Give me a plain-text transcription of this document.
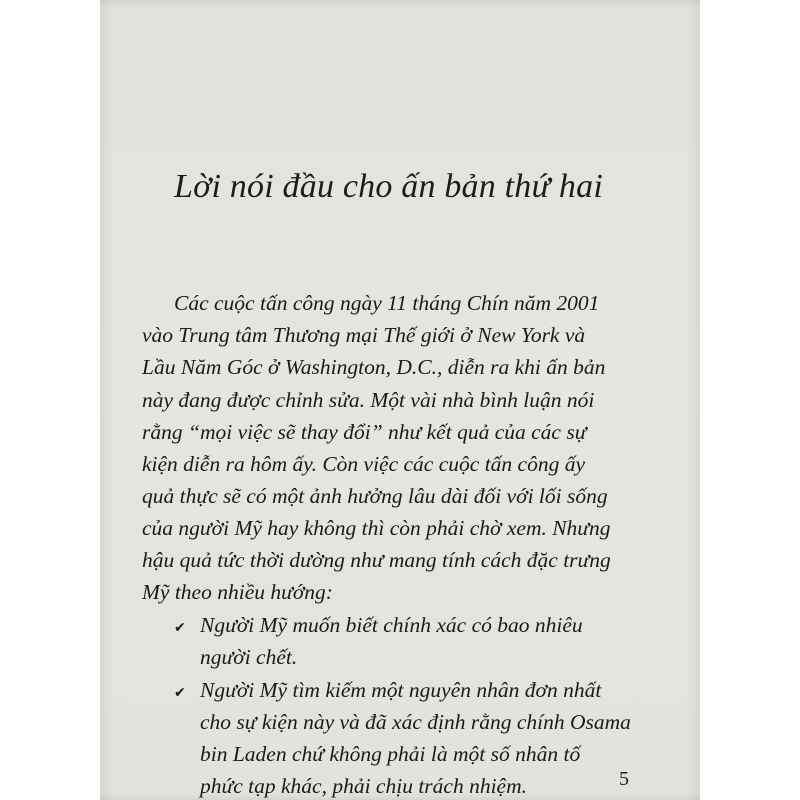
Lời nói đầu cho ấn bản thứ hai

Các cuộc tấn công ngày 11 tháng Chín năm 2001

vào Trung tâm Thương mại Thế giới ở New York và

Lầu Năm Góc ở Washington, D.C., diễn ra khi ấn bản

này đang được chỉnh sửa. Một vài nhà bình luận nói

rằng “mọi việc sẽ thay đổi” như kết quả của các sự

kiện diễn ra hôm ấy. Còn việc các cuộc tấn công ấy

quả thực sẽ có một ảnh hưởng lâu dài đối với lối sống

của người Mỹ hay không thì còn phải chờ xem. Nhưng

hậu quả tức thời dường như mang tính cách đặc trưng

Mỹ theo nhiều hướng:

✔ Người Mỹ muốn biết chính xác có bao nhiêu

người chết.

✔ Người Mỹ tìm kiếm một nguyên nhân đơn nhất

cho sự kiện này và đã xác định rằng chính Osama

bin Laden chứ không phải là một số nhân tố

phức tạp khác, phải chịu trách nhiệm.	5
